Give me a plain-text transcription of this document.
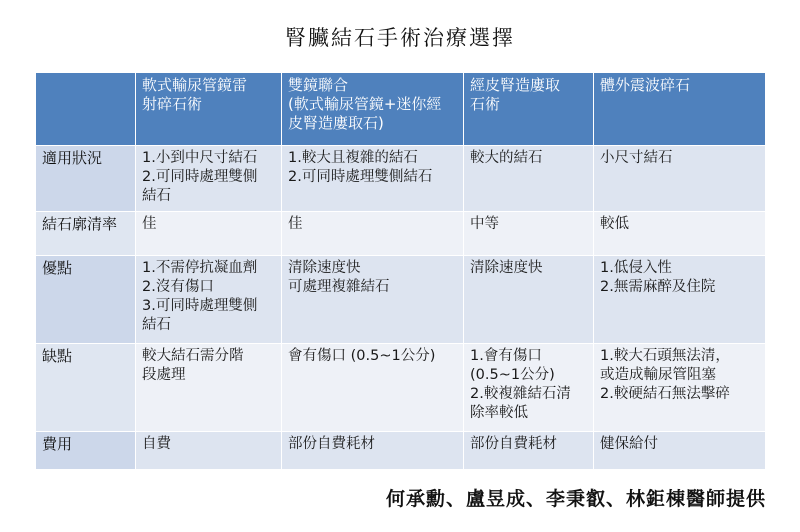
腎臟結石手術治療選擇

	軟式輸尿管鏡雷
射碎石術	雙鏡聯合
(軟式輸尿管鏡+迷你經
皮腎造廔取石)	經皮腎造廔取
石術	體外震波碎石

適用狀況	1.小到中尺寸結石
2.可同時處理雙側
結石	1.較大且複雜的結石
2.可同時處理雙側結石	較大的結石	小尺寸結石

結石廓清率	佳	佳	中等	較低

優點	1.不需停抗凝血劑
2.沒有傷口
3.可同時處理雙側
結石	清除速度快
可處理複雜結石	清除速度快	1.低侵入性
2.無需麻醉及住院

缺點	較大結石需分階
段處理	會有傷口 (0.5~1公分)	1.會有傷口
(0.5~1公分)
2.較複雜結石清
除率較低	1.較大石頭無法清，
或造成輸尿管阻塞
2.較硬結石無法擊碎

費用	自費	部份自費耗材	部份自費耗材	健保給付
何承勳、盧昱成、李秉叡、林鉅棟醫師提供
